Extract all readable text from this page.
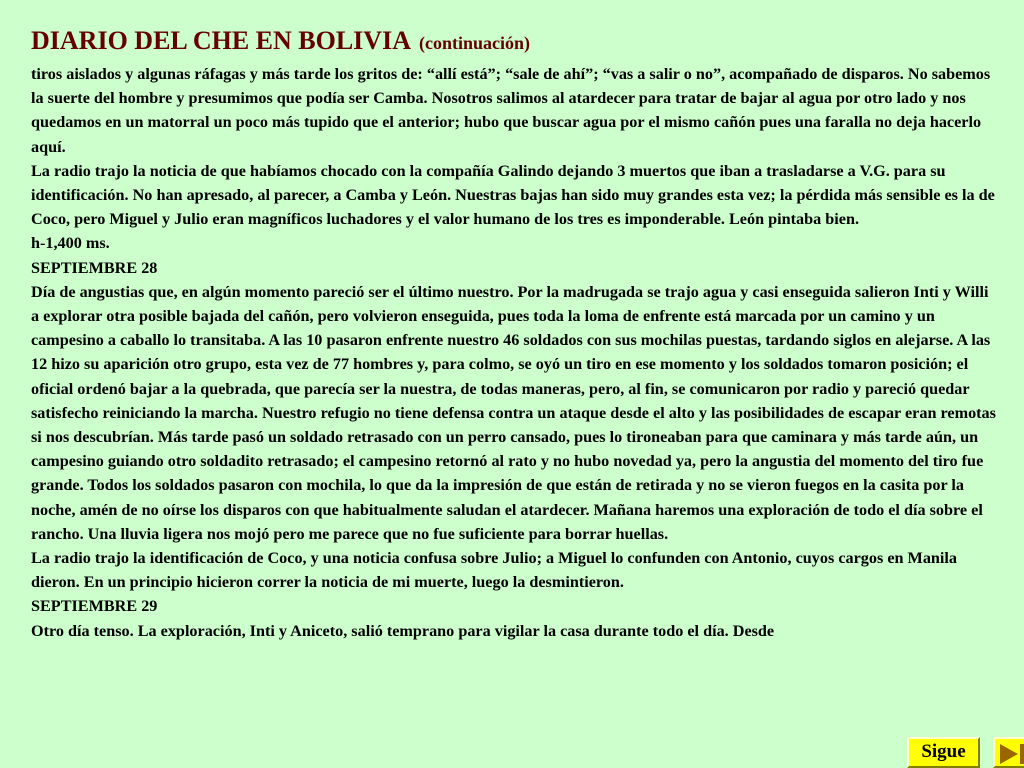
DIARIO DEL CHE EN BOLIVIA (continuación)

tiros aislados y algunas ráfagas y más tarde los gritos de: “allí está”; “sale de ahí”; “vas a salir o no”, acompañado de disparos. No sabemos la suerte del hombre y presumimos que podía ser Camba. Nosotros salimos al atardecer para tratar de bajar al agua por otro lado y nos quedamos en un matorral un poco más tupido que el anterior; hubo que buscar agua por el mismo cañón pues una faralla no deja hacerlo aquí.
La radio trajo la noticia de que habíamos chocado con la compañía Galindo dejando 3 muertos que iban a trasladarse a V.G. para su identificación. No han apresado, al parecer, a Camba y León. Nuestras bajas han sido muy grandes esta vez; la pérdida más sensible es la de Coco, pero Miguel y Julio eran magníficos luchadores y el valor humano de los tres es imponderable. León pintaba bien.
h-1,400 ms.
SEPTIEMBRE 28
Día de angustias que, en algún momento pareció ser el último nuestro. Por la madrugada se trajo agua y casi enseguida salieron Inti y Willi a explorar otra posible bajada del cañón, pero volvieron enseguida, pues toda la loma de enfrente está marcada por un camino y un campesino a caballo lo transitaba. A las 10 pasaron enfrente nuestro 46 soldados con sus mochilas puestas, tardando siglos en alejarse. A las 12 hizo su aparición otro grupo, esta vez de 77 hombres y, para colmo, se oyó un tiro en ese momento y los soldados tomaron posición; el oficial ordenó bajar a la quebrada, que parecía ser la nuestra, de todas maneras, pero, al fin, se comunicaron por radio y pareció quedar satisfecho reiniciando la marcha. Nuestro refugio no tiene defensa contra un ataque desde el alto y las posibilidades de escapar eran remotas si nos descubrían. Más tarde pasó un soldado retrasado con un perro cansado, pues lo tironeaban para que caminara y más tarde aún, un campesino guiando otro soldadito retrasado; el campesino retornó al rato y no hubo novedad ya, pero la angustia del momento del tiro fue grande. Todos los soldados pasaron con mochila, lo que da la impresión de que están de retirada y no se vieron fuegos en la casita por la noche, amén de no oírse los disparos con que habitualmente saludan el atardecer. Mañana haremos una exploración de todo el día sobre el rancho. Una lluvia ligera nos mojó pero me parece que no fue suficiente para borrar huellas.
La radio trajo la identificación de Coco, y una noticia confusa sobre Julio; a Miguel lo confunden con Antonio, cuyos cargos en Manila dieron. En un principio hicieron correr la noticia de mi muerte, luego la desmintieron.
SEPTIEMBRE 29
Otro día tenso. La exploración, Inti y Aniceto, salió temprano para vigilar la casa durante todo el día. Desde

Sigue
